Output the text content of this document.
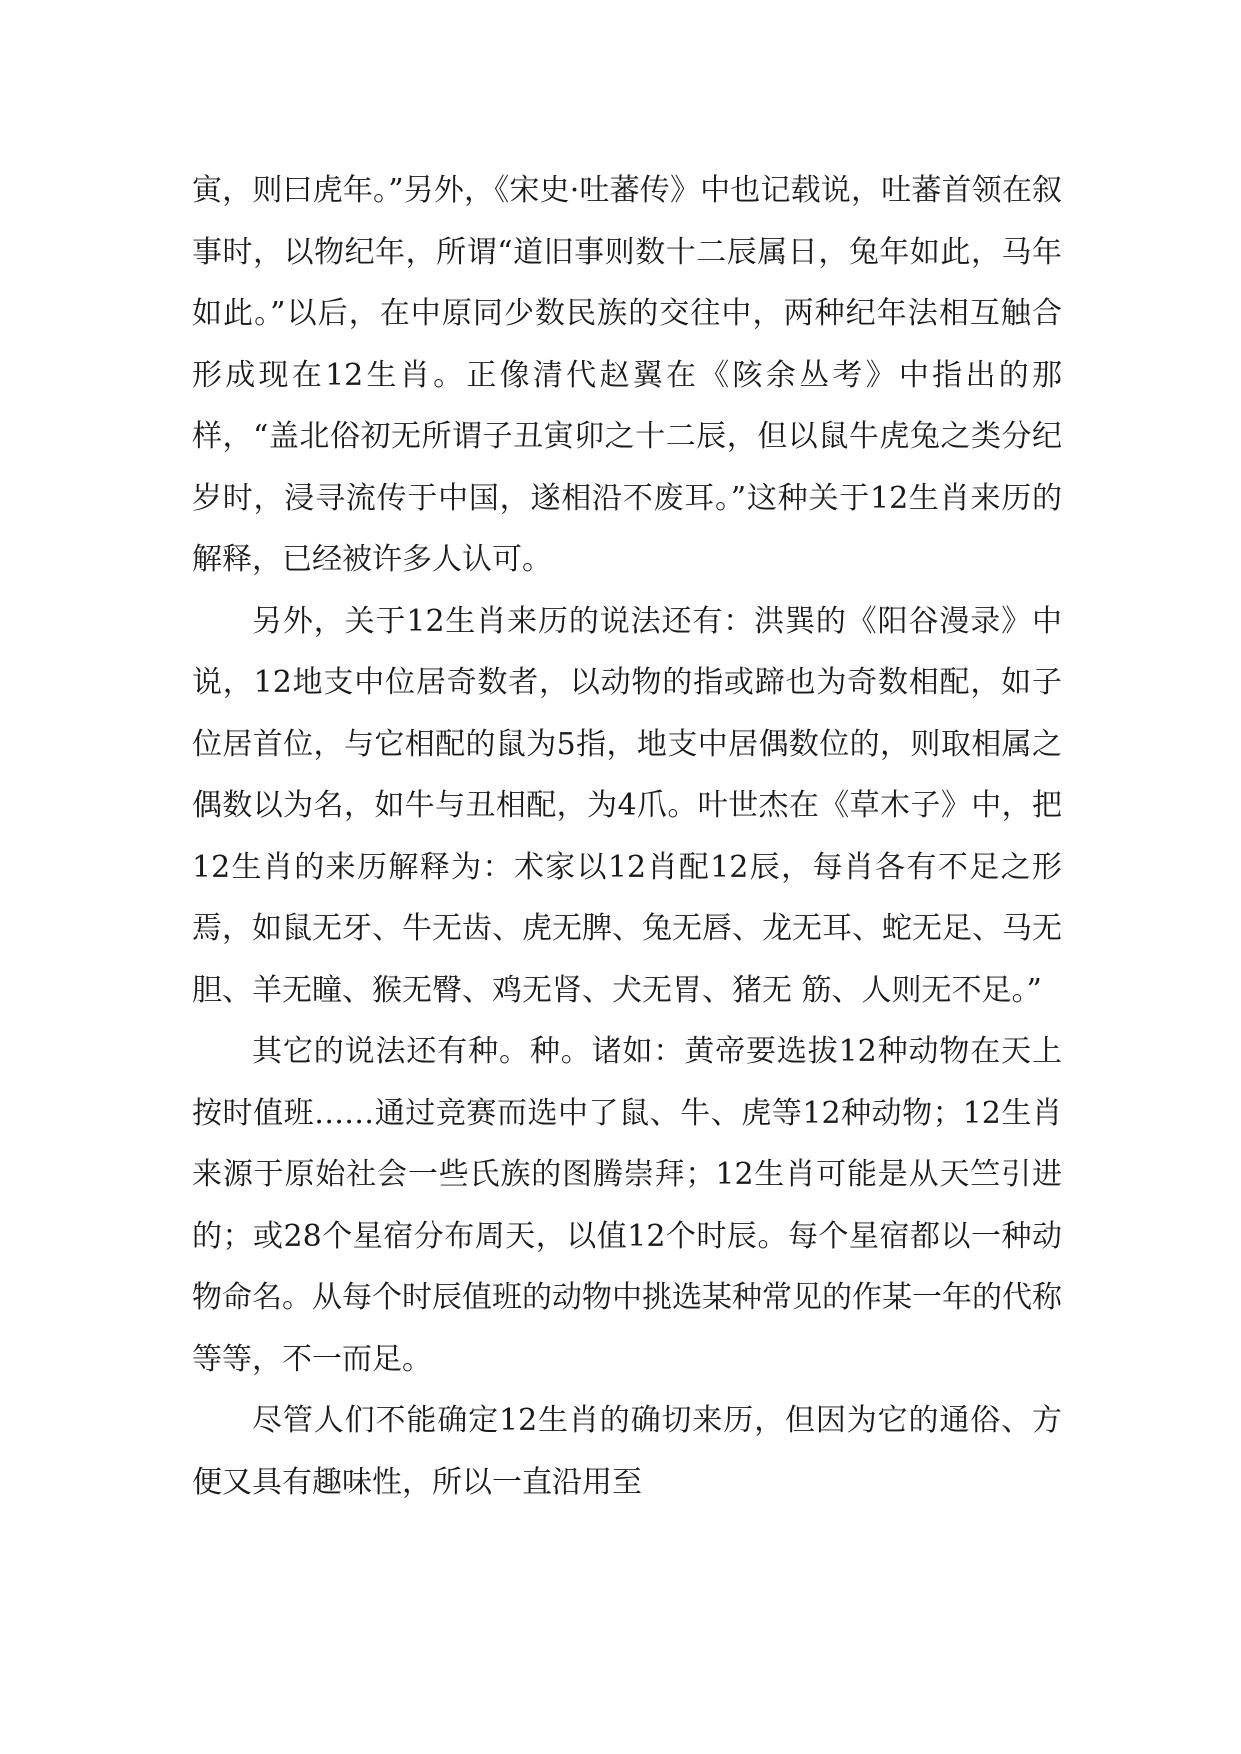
寅，则曰虎年。”另外，《宋史·吐蕃传》中也记载说，吐蕃首领在叙事时，以物纪年，所谓“道旧事则数十二辰属日，兔年如此，马年如此。”以后，在中原同少数民族的交往中，两种纪年法相互触合形成现在12生肖。正像清代赵翼在《陔余丛考》中指出的那样，“盖北俗初无所谓子丑寅卯之十二辰，但以鼠牛虎兔之类分纪岁时，浸寻流传于中国，遂相沿不废耳。”这种关于12生肖来历的解释，已经被许多人认可。

另外，关于12生肖来历的说法还有：洪巽的《阳谷漫录》中说，12地支中位居奇数者，以动物的指或蹄也为奇数相配，如子位居首位，与它相配的鼠为5指，地支中居偶数位的，则取相属之偶数以为名，如牛与丑相配，为4爪。叶世杰在《草木子》中，把12生肖的来历解释为：术家以12肖配12辰，每肖各有不足之形焉，如鼠无牙、牛无齿、虎无脾、兔无唇、龙无耳、蛇无足、马无胆、羊无瞳、猴无臀、鸡无肾、犬无胃、猪无 筋、人则无不足。”

其它的说法还有种。种。诸如：黄帝要选拔12种动物在天上按时值班……通过竞赛而选中了鼠、牛、虎等12种动物；12生肖来源于原始社会一些氏族的图腾崇拜；12生肖可能是从天竺引进的；或28个星宿分布周天，以值12个时辰。每个星宿都以一种动物命名。从每个时辰值班的动物中挑选某种常见的作某一年的代称等等，不一而足。

尽管人们不能确定12生肖的确切来历，但因为它的通俗、方便又具有趣味性，所以一直沿用至
